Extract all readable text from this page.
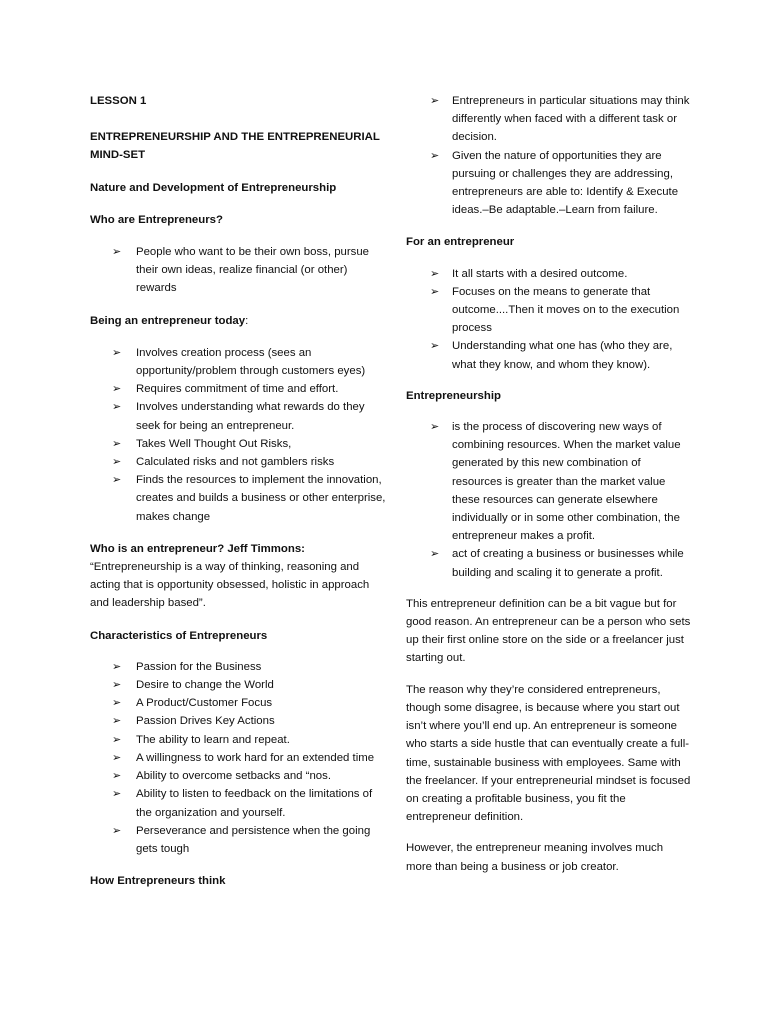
LESSON 1

ENTREPRENEURSHIP AND THE ENTREPRENEURIAL MIND-SET

Nature and Development of Entrepreneurship

Who are Entrepreneurs?

➢ People who want to be their own boss, pursue their own ideas, realize financial (or other) rewards

Being an entrepreneur today:

➢ Involves creation process (sees an opportunity/problem through customers eyes)
➢ Requires commitment of time and effort.
➢ Involves understanding what rewards do they seek for being an entrepreneur.
➢ Takes Well Thought Out Risks,
➢ Calculated risks and not gamblers risks
➢ Finds the resources to implement the innovation, creates and builds a business or other enterprise, makes change

Who is an entrepreneur? Jeff Timmons:

“Entrepreneurship is a way of thinking, reasoning and acting that is opportunity obsessed, holistic in approach and leadership based”.

Characteristics of Entrepreneurs

➢ Passion for the Business
➢ Desire to change the World
➢ A Product/Customer Focus
➢ Passion Drives Key Actions
➢ The ability to learn and repeat.
➢ A willingness to work hard for an extended time
➢ Ability to overcome setbacks and “nos.
➢ Ability to listen to feedback on the limitations of the organization and yourself.
➢ Perseverance and persistence when the going gets tough

How Entrepreneurs think

➢ Entrepreneurs in particular situations may think differently when faced with a different task or decision.
➢ Given the nature of opportunities they are pursuing or challenges they are addressing, entrepreneurs are able to: Identify & Execute ideas.–Be adaptable.–Learn from failure.

For an entrepreneur

➢ It all starts with a desired outcome.
➢ Focuses on the means to generate that outcome....Then it moves on to the execution process
➢ Understanding what one has (who they are, what they know, and whom they know).

Entrepreneurship

➢ is the process of discovering new ways of combining resources. When the market value generated by this new combination of resources is greater than the market value these resources can generate elsewhere individually or in some other combination, the entrepreneur makes a profit.
➢ act of creating a business or businesses while building and scaling it to generate a profit.

This entrepreneur definition can be a bit vague but for good reason. An entrepreneur can be a person who sets up their first online store on the side or a freelancer just starting out.

The reason why they’re considered entrepreneurs, though some disagree, is because where you start out isn’t where you’ll end up. An entrepreneur is someone who starts a side hustle that can eventually create a full-time, sustainable business with employees. Same with the freelancer. If your entrepreneurial mindset is focused on creating a profitable business, you fit the entrepreneur definition.

However, the entrepreneur meaning involves much more than being a business or job creator.
